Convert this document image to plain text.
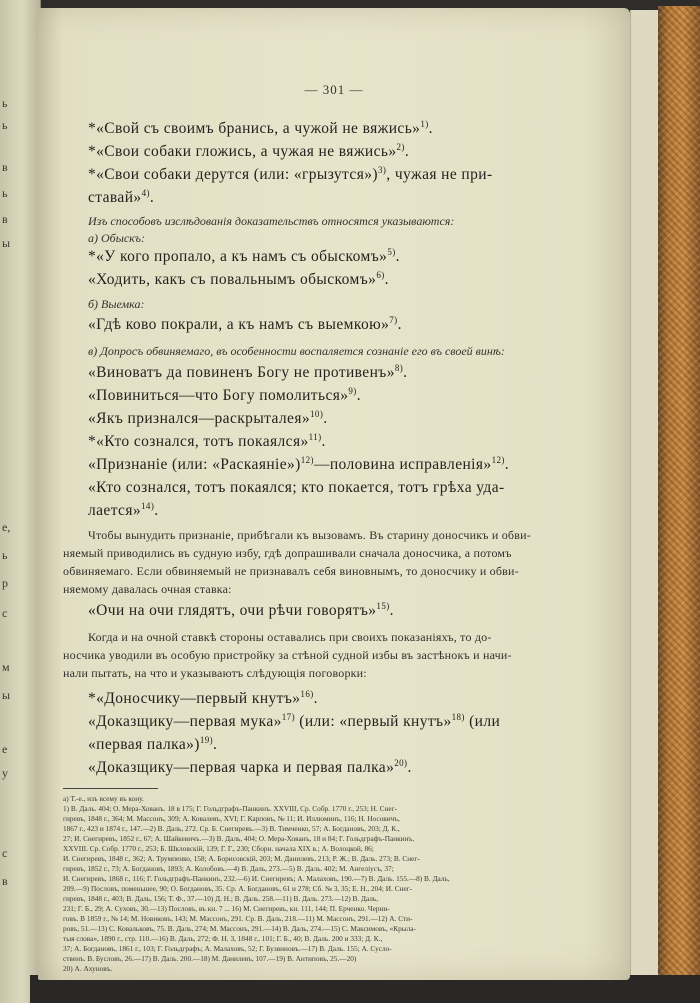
ь
ь
в
ь
в
ы
е,
ь
р
с
м
ы
е
у
с
в
— 301 —
*«Свой съ своимъ бранись, а чужой не вяжись»$^{1)}$.
*«Свои собаки гложись, а чужая не вяжись»$^{2)}$.
*«Свои собаки дерутся (или: «грызутся»)$^{3)}$, чужая не при-
ставай»$^{4)}$.
Изъ способовъ изслѣдованія доказательствъ относятся указываются:
а) Обыскъ:
*«У кого пропало, а къ намъ съ обыскомъ»$^{5)}$.
«Ходить, какъ съ повальнымъ обыскомъ»$^{6)}$.
б) Выемка:
«Гдѣ ково покрали, а къ намъ съ выемкою»$^{7)}$.
в) Допросъ обвиняемаго, въ особенности воспаляется сознаніе его въ своей винѣ:
«Виноватъ да повиненъ Богу не противенъ»$^{8)}$.
«Повиниться—что Богу помолиться»$^{9)}$.
«Якъ признался—раскрыталея»$^{10)}$.
*«Кто сознался, тотъ покаялся»$^{11)}$.
«Признаніе (или: «Раскаяніе»)$^{12)}$—половина исправленія»$^{12)}$.
«Кто сознался, тотъ покаялся; кто покается, тотъ грѣха уда-
лается»$^{14)}$.
Чтобы вынудить признаніе, прибѣгали къ вызовамъ. Въ старину доносчикъ и обви-
няемый приводились въ судную избу, гдѣ допрашивали сначала доносчика, а потомъ
обвиняемаго. Если обвиняемый не признавалъ себя виновнымъ, то доносчику и обви-
няемому давалась очная ставка:
«Очи на очи глядятъ, очи рѣчи говорятъ»$^{15)}$.
Когда и на очной ставкѣ стороны оставались при своихъ показаніяхъ, то до-
носчика уводили въ особую пристройку за стѣной судной избы въ застѣнокъ и начи-
нали пытать, на что и указываютъ слѣдующія поговорки:
*«Доносчику—первый кнутъ»$^{16)}$.
«Доказщику—первая мука»$^{17)}$ (или: «первый кнутъ»$^{18)}$ (или
«первая палка»)$^{19)}$.
«Доказщику—первая чарка и первая палка»$^{20)}$.
а) Т.-е., изъ всему въ кону.
1) В. Даль. 404; О. Мера-Хованъ. 18 в 175; Г. Гольдграфъ-Панкинъ. XXVIII, Ср. Собр. 1770 г., 253; Н. Снег-
гиревъ, 1848 г., 364; М. Массонъ, 309; А. Ковалевъ, XVI; Г. Карповъ, № 11; И. Иллюминъ, 116; Н. Носовичъ,
1867 г., 423 и 1874 г., 147.—2) В. Даль, 272. Ср. Б. Снегиревъ.—3) В. Тимченко, 57; А. Богдановъ, 203; Д. К.,
27; И. Снегиревъ, 1852 г., 67; А. Шайкевичъ.—3) В. Даль, 404; О. Мера-Хованъ, 18 и 84; Г. Гольдграфъ-Панкинъ,
XXVIII. Ср. Собр. 1770 г., 253; Б. Шкловскій, 139; Г. Г., 230; Сборн. начала XIX в.; А. Волоцкой, 86;
И. Снегиревъ, 1848 г., 362; А. Трумпенко, 158; А. Борисовскій, 203; М. Данилевъ, 213; Р. Ж.; В. Даль. 273; В. Снег-
гиревъ, 1852 г., 73; А. Богдановъ, 1893; А. Колобовъ.—4) В. Даль, 273.—5) В. Даль. 402; М. Ангеліусъ, 37;
И. Снегиревъ, 1868 г., 116; Г. Гольдграфъ-Панкинъ, 232.—6) И. Снегиревъ; А. Малаховъ, 190.—7) В. Даль. 155.—8) В. Даль,
209.—9) Пословъ, поменьшее, 90; О. Богдановъ, 35. Ср. А. Богдановъ, 61 и 278; Сб. № 3, 35; Е. Н., 204; И. Снег-
гиревъ, 1848 г., 403; В. Даль, 156; Т. Ф., 37.—10) Д. Н.; В. Даль. 258.—11) В. Даль. 273.—12) В. Даль,
231; Г. Б., 29; А. Суховъ, 30.—13) Пословъ, въ кн. 7 ... 16) М. Снегиревъ, кн. 111, 144; П. Ерченко. Черни-
говъ. В 1859 г., № 14; М. Новиковъ, 143; М. Массонъ, 291. Ср. В. Даль, 218.—11) М. Массонъ, 291.—12) А. Сти-
ровъ, 51.—13) С. Ковальковъ, 75. В. Даль, 274; М. Массонъ, 291.—14) В. Даль, 274.—15) С. Максимовъ, «Крыла-
тыя слова», 1890 г., стр. 110.—16) В. Даль, 272; Ф. Н. 3, 1848 г., 101; Г. Б., 40; В. Даль. 200 и 333; Д. К.,
37; А. Богдановъ, 1861 г., 103; Г. Гольдграфъ; А. Малаховъ, 52; Г. Бузвиновъ.—17) В. Даль. 155; А. Сусло-
ственъ. В. Бусловъ, 26.—17) В. Даль. 200.—18) М. Данилевъ, 107.—19) В. Антиповъ, 25.—20)
20) А. Ахуновъ.
